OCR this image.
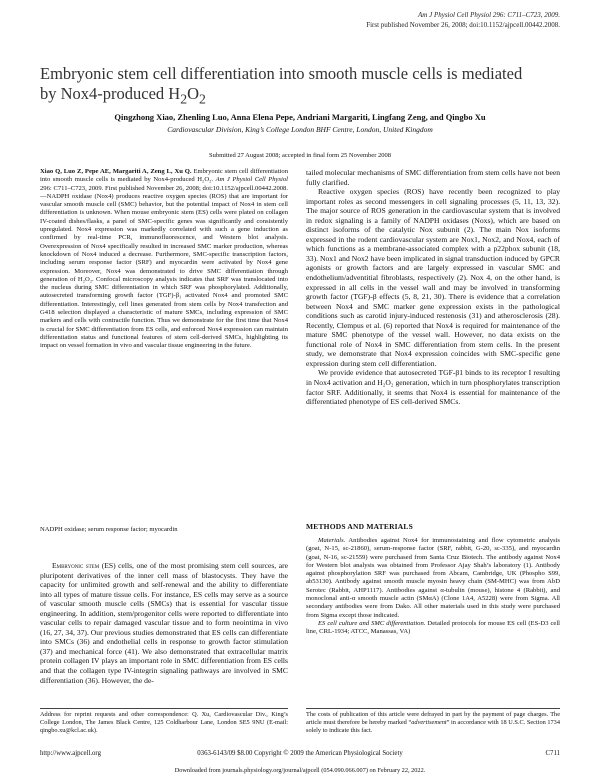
Am J Physiol Cell Physiol 296: C711–C723, 2009.
First published November 26, 2008; doi:10.1152/ajpcell.00442.2008.
Embryonic stem cell differentiation into smooth muscle cells is mediated
by Nox4-produced $H_2O_2$
Qingzhong Xiao, Zhenling Luo, Anna Elena Pepe, Andriani Margariti, Lingfang Zeng, and Qingbo Xu
Cardiovascular Division, King’s College London BHF Centre, London, United Kingdom
Submitted 27 August 2008; accepted in final form 25 November 2008
Xiao Q, Luo Z, Pepe AE, Margariti A, Zeng L, Xu Q. Embryonic stem cell differentiation into smooth muscle cells is mediated by Nox4-produced H₂O₂. Am J Physiol Cell Physiol 296: C711–C723, 2009. First published November 26, 2008; doi:10.1152/ajpcell.00442.2008.—NADPH oxidase (Nox4) produces reactive oxygen species (ROS) that are important for vascular smooth muscle cell (SMC) behavior, but the potential impact of Nox4 in stem cell differentiation is unknown. When mouse embryonic stem (ES) cells were plated on collagen IV-coated dishes/flasks, a panel of SMC-specific genes was significantly and consistently upregulated. Nox4 expression was markedly correlated with such a gene induction as confirmed by real-time PCR, immunofluorescence, and Western blot analysis. Overexpression of Nox4 specifically resulted in increased SMC marker production, whereas knockdown of Nox4 induced a decrease. Furthermore, SMC-specific transcription factors, including serum response factor (SRF) and myocardin were activated by Nox4 gene expression. Moreover, Nox4 was demonstrated to drive SMC differentiation through generation of H₂O₂. Confocal microscopy analysis indicates that SRF was translocated into the nucleus during SMC differentiation in which SRF was phosphorylated. Additionally, autosecreted transforming growth factor (TGF)-β₁ activated Nox4 and promoted SMC differentiation. Interestingly, cell lines generated from stem cells by Nox4 transfection and G418 selection displayed a characteristic of mature SMCs, including expression of SMC markers and cells with contractile function. Thus we demonstrate for the first time that Nox4 is crucial for SMC differentiation from ES cells, and enforced Nox4 expression can maintain differentiation status and functional features of stem cell-derived SMCs, highlighting its impact on vessel formation in vivo and vascular tissue engineering in the future.
NADPH oxidase; serum response factor; myocardin

Embryonic stem (ES) cells, one of the most promising stem cell sources, are pluripotent derivatives of the inner cell mass of blastocysts. They have the capacity for unlimited growth and self-renewal and the ability to differentiate into all types of mature tissue cells. For instance, ES cells may serve as a source of vascular smooth muscle cells (SMCs) that is essential for vascular tissue engineering. In addition, stem/progenitor cells were reported to differentiate into vascular cells to repair damaged vascular tissue and to form neointima in vivo (16, 27, 34, 37). Our previous studies demonstrated that ES cells can differentiate into SMCs (36) and endothelial cells in response to growth factor stimulation (37) and mechanical force (41). We also demonstrated that extracellular matrix protein collagen IV plays an important role in SMC differentiation from ES cells and that the collagen type IV-integrin signaling pathways are involved in SMC differentiation (36). However, the de-

tailed molecular mechanisms of SMC differentiation from stem cells have not been fully clarified.

Reactive oxygen species (ROS) have recently been recognized to play important roles as second messengers in cell signaling processes (5, 11, 13, 32). The major source of ROS generation in the cardiovascular system that is involved in redox signaling is a family of NADPH oxidases (Noxs), which are based on distinct isoforms of the catalytic Nox subunit (2). The main Nox isoforms expressed in the rodent cardiovascular system are Nox1, Nox2, and Nox4, each of which functions as a membrane-associated complex with a p22phox subunit (18, 33). Nox1 and Nox2 have been implicated in signal transduction induced by GPCR agonists or growth factors and are largely expressed in vascular SMC and endothelium/adventitial fibroblasts, respectively (2). Nox 4, on the other hand, is expressed in all cells in the vessel wall and may be involved in transforming growth factor (TGF)-β effects (5, 8, 21, 30). There is evidence that a correlation between Nox4 and SMC marker gene expression exists in the pathological conditions such as carotid injury-induced restenosis (31) and atherosclerosis (28). Recently, Clempus et al. (6) reported that Nox4 is required for maintenance of the mature SMC phenotype of the vessel wall. However, no data exists on the functional role of Nox4 in SMC differentiation from stem cells. In the present study, we demonstrate that Nox4 expression coincides with SMC-specific gene expression during stem cell differentiation.

We provide evidence that autosecreted TGF-β1 binds to its receptor I resulting in Nox4 activation and H₂O₂ generation, which in turn phosphorylates transcription factor SRF. Additionally, it seems that Nox4 is essential for maintenance of the differentiated phenotype of ES cell-derived SMCs.

METHODS AND MATERIALS

Materials. Antibodies against Nox4 for immunostaining and flow cytometric analysis (goat, N-15, sc-21860), serum-response factor (SRF, rabbit, G-20, sc-335), and myocardin (goat, N-16, sc-21559) were purchased from Santa Cruz Biotech. The antibody against Nox4 for Western blot analysis was obtained from Professor Ajay Shah’s laboratory (1). Antibody against phosphorylation SRF was purchased from Abcam, Cambridge, UK (Phospho S99, ab53130). Antibody against smooth muscle myosin heavy chain (SM-MHC) was from AbD Serotec (Rabbit, AHP1117). Antibodies against α-tubulin (mouse), histone 4 (Rabbit), and monoclonal anti-α smooth muscle actin (SMαA) (Clone 1A4, A5228) were from Sigma. All secondary antibodies were from Dako. All other materials used in this study were purchased from Sigma except those indicated.

ES cell culture and SMC differentiation. Detailed protocols for mouse ES cell (ES-D3 cell line, CRL-1934; ATCC, Manassas, VA)

Address for reprint requests and other correspondence: Q. Xu, Cardiovascular Div., King’s College London, The James Black Centre, 125 Coldharbour Lane, London SE5 9NU (E-mail: qingbo.xu@kcl.ac.uk).
The costs of publication of this article were defrayed in part by the payment of page charges. The article must therefore be hereby marked “advertisement” in accordance with 18 U.S.C. Section 1734 solely to indicate this fact.
http://www.ajpcell.org	0363-6143/09 $8.00 Copyright © 2009 the American Physiological Society	C711
Downloaded from journals.physiology.org/journal/ajpcell (054.090.066.007) on February 22, 2022.
